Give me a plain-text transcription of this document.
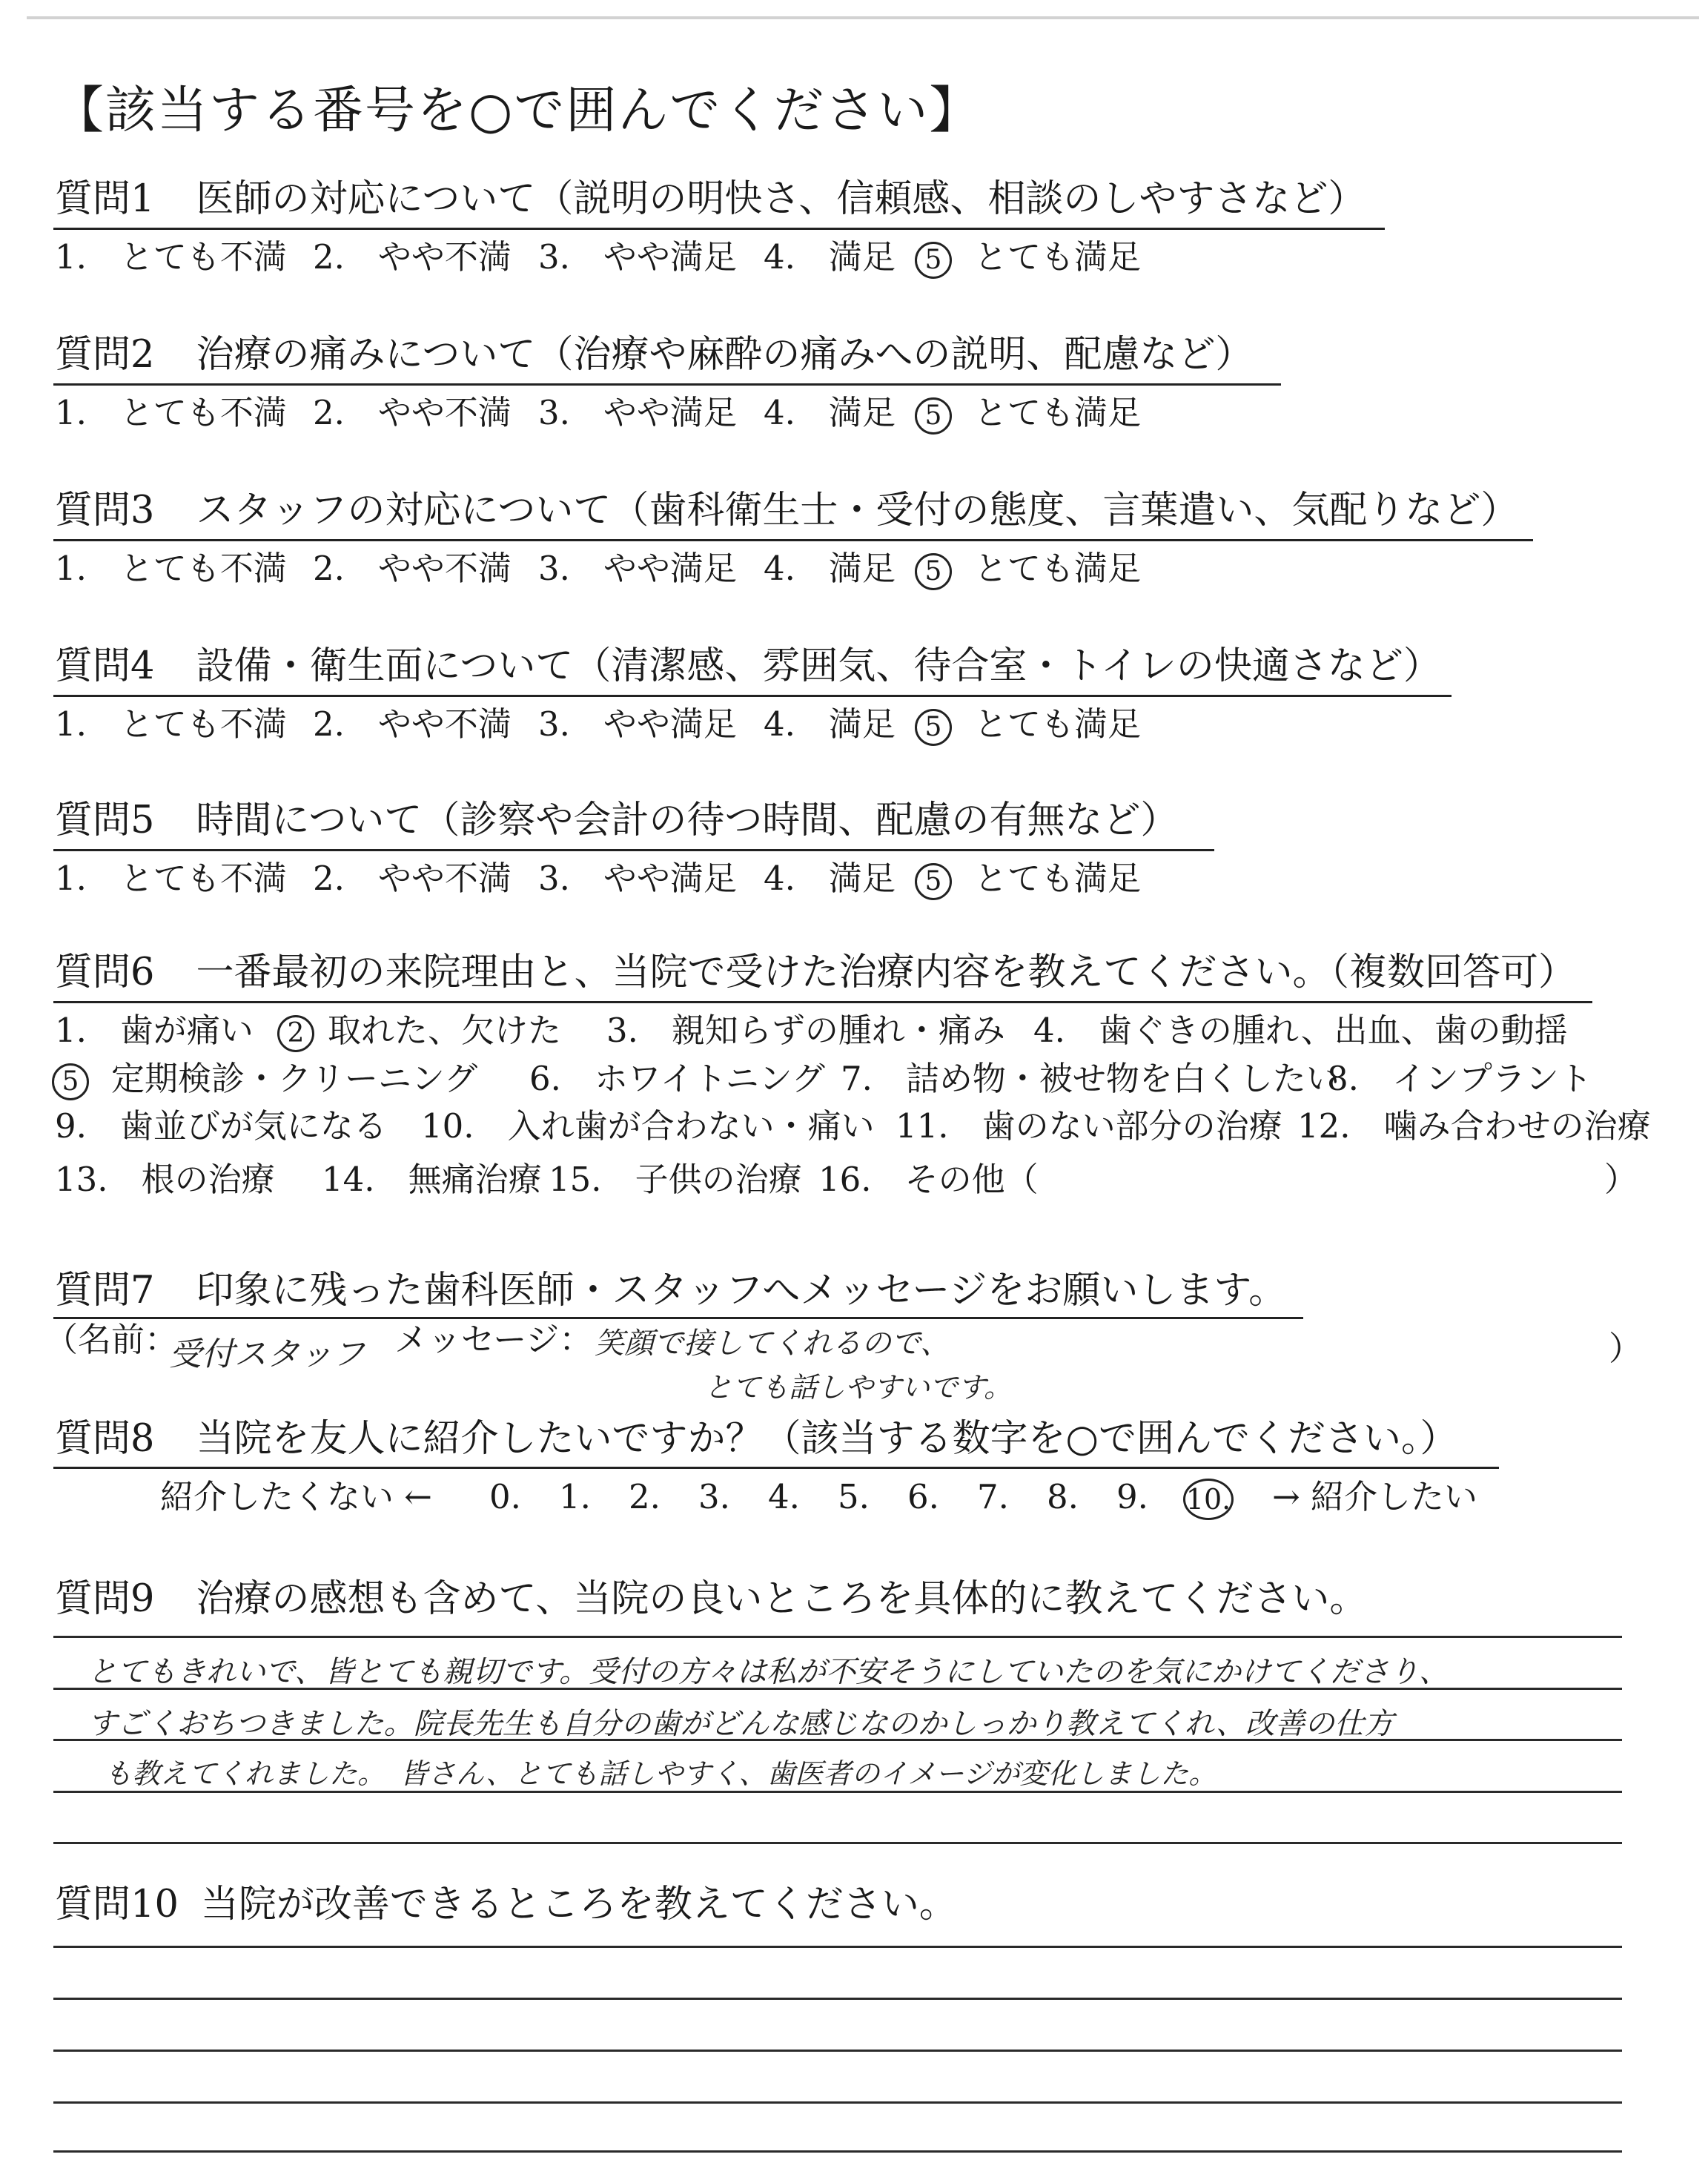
【該当する番号を○で囲んでください】
質問1 医師の対応について（説明の明快さ、信頼感、相談のしやすさなど）
1.　とても不満 2.　やや不満 3.　やや満足 4.　満足	5 とても満足
質問2 治療の痛みについて（治療や麻酔の痛みへの説明、配慮など）
1.　とても不満 2.　やや不満 3.　やや満足 4.　満足	5 とても満足
質問3 スタッフの対応について（歯科衛生士・受付の態度、言葉遣い、気配りなど）
1.　とても不満 2.　やや不満 3.　やや満足 4.　満足	5 とても満足
質問4 設備・衛生面について（清潔感、雰囲気、待合室・トイレの快適さなど）
1.　とても不満 2.　やや不満 3.　やや満足 4.　満足	5 とても満足
質問5 時間について（診察や会計の待つ時間、配慮の有無など）
1.　とても不満 2.　やや不満 3.　やや満足 4.　満足	5 とても満足
質問6 一番最初の来院理由と、当院で受けた治療内容を教えてください。（複数回答可）
1.　歯が痛い	2 取れた、欠けた 3.　親知らずの腫れ・痛み 4.　歯ぐきの腫れ、出血、歯の動揺
5 定期検診・クリーニング 6.　ホワイトニング 7.　詰め物・被せ物を白くしたい
8.　インプラント
9.　歯並びが気になる 10.　入れ歯が合わない・痛い 11.　歯のない部分の治療 12.　噛み合わせの治療
13.　根の治療 14.　無痛治療 15.　子供の治療 16.　その他（	）
質問7 印象に残った歯科医師・スタッフへメッセージをお願いします。
（名前：
受付スタッフ メッセージ： 笑顔で接してくれるので、
とても話しやすいです。
）
質問8 当院を友人に紹介したいですか？（該当する数字を○で囲んでください。）
紹介したくない ← 0. 1. 2. 3. 4. 5. 6. 7. 8. 9. 10. → 紹介したい
質問9 治療の感想も含めて、当院の良いところを具体的に教えてください。
とてもきれいで、皆とても親切です。受付の方々は私が不安そうにしていたのを気にかけてくださり、
すごくおちつきました。院長先生も自分の歯がどんな感じなのかしっかり教えてくれ、改善の仕方
も教えてくれました。　皆さん、とても話しやすく、歯医者のイメージが変化しました。
質問10 当院が改善できるところを教えてください。
